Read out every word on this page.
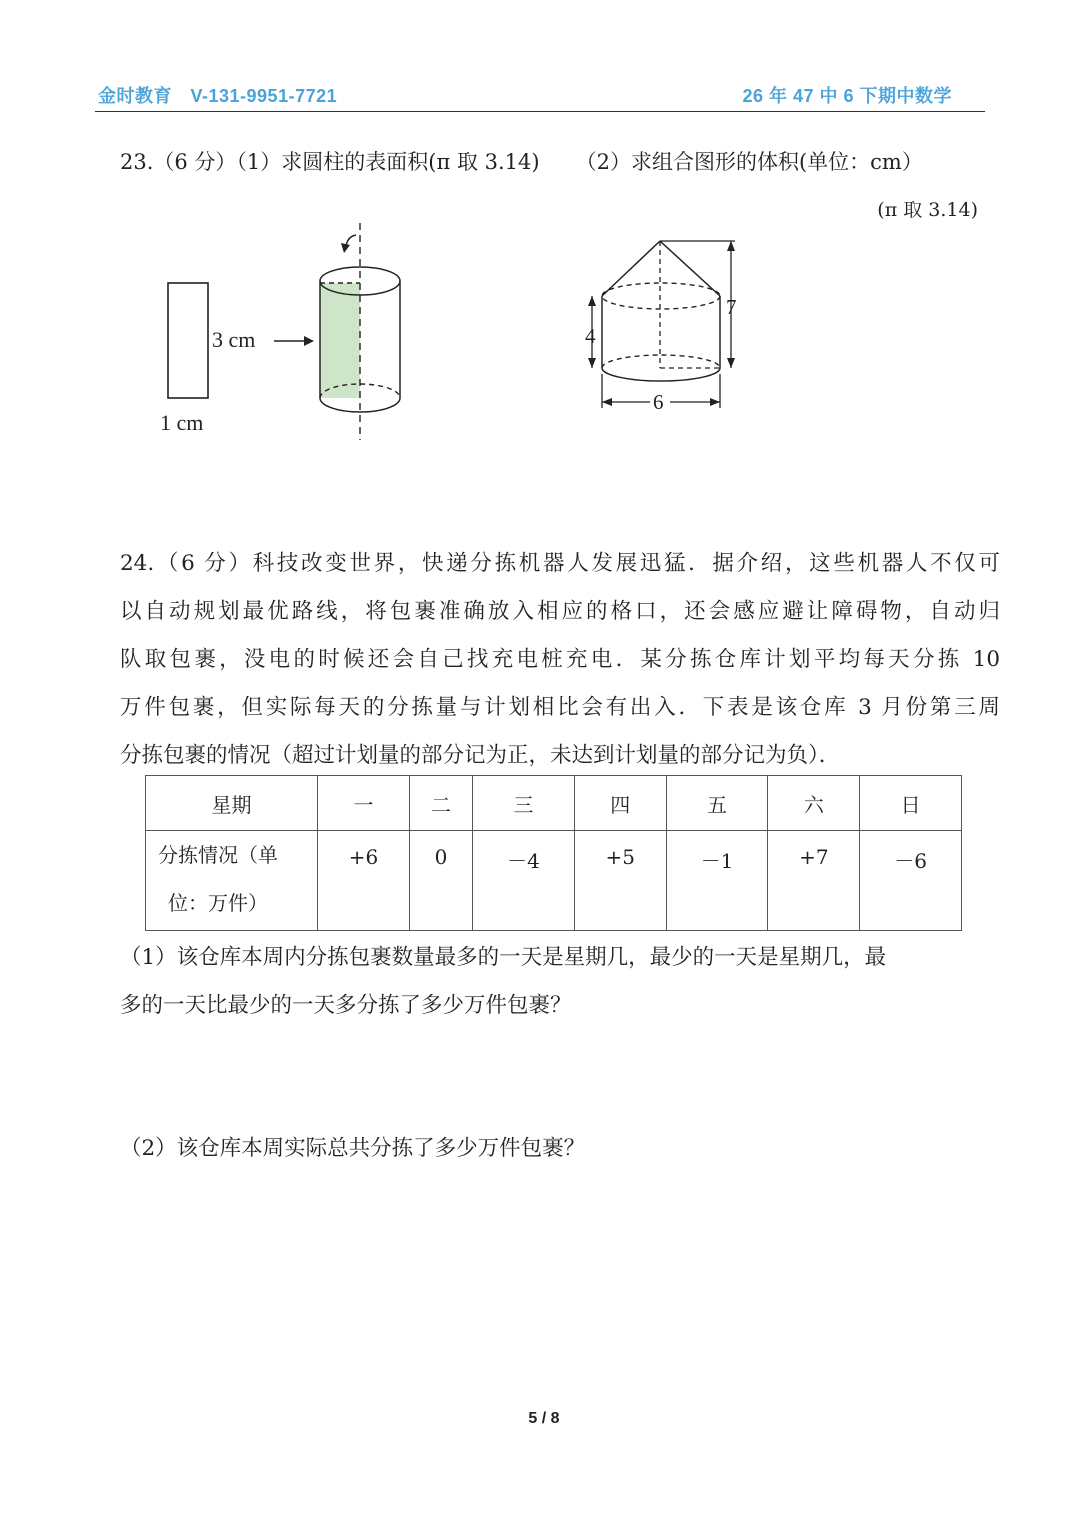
金时教育　V-131-9951-7721	26 年 47 中 6 下期中数学
23.（6 分）（1）求圆柱的表面积(π 取 3.14) （2）求组合图形的体积(单位：cm）
(π 取 3.14)
3 cm
1 cm
7
4
6

24.（6 分）科技改变世界，快递分拣机器人发展迅猛．据介绍，这些机器人不仅可

以自动规划最优路线，将包裹准确放入相应的格口，还会感应避让障碍物，自动归

队取包裹，没电的时候还会自己找充电桩充电．某分拣仓库计划平均每天分拣 10

万件包裹，但实际每天的分拣量与计划相比会有出入．下表是该仓库 3 月份第三周

分拣包裹的情况（超过计划量的部分记为正，未达到计划量的部分记为负）．

星期	一	二	三	四	五	六	日

分拣情况（单
位：万件）	+6	0	－4	+5	－1	+7	－6

（1）该仓库本周内分拣包裹数量最多的一天是星期几，最少的一天是星期几，最

多的一天比最少的一天多分拣了多少万件包裹？

（2）该仓库本周实际总共分拣了多少万件包裹？
5 / 8
